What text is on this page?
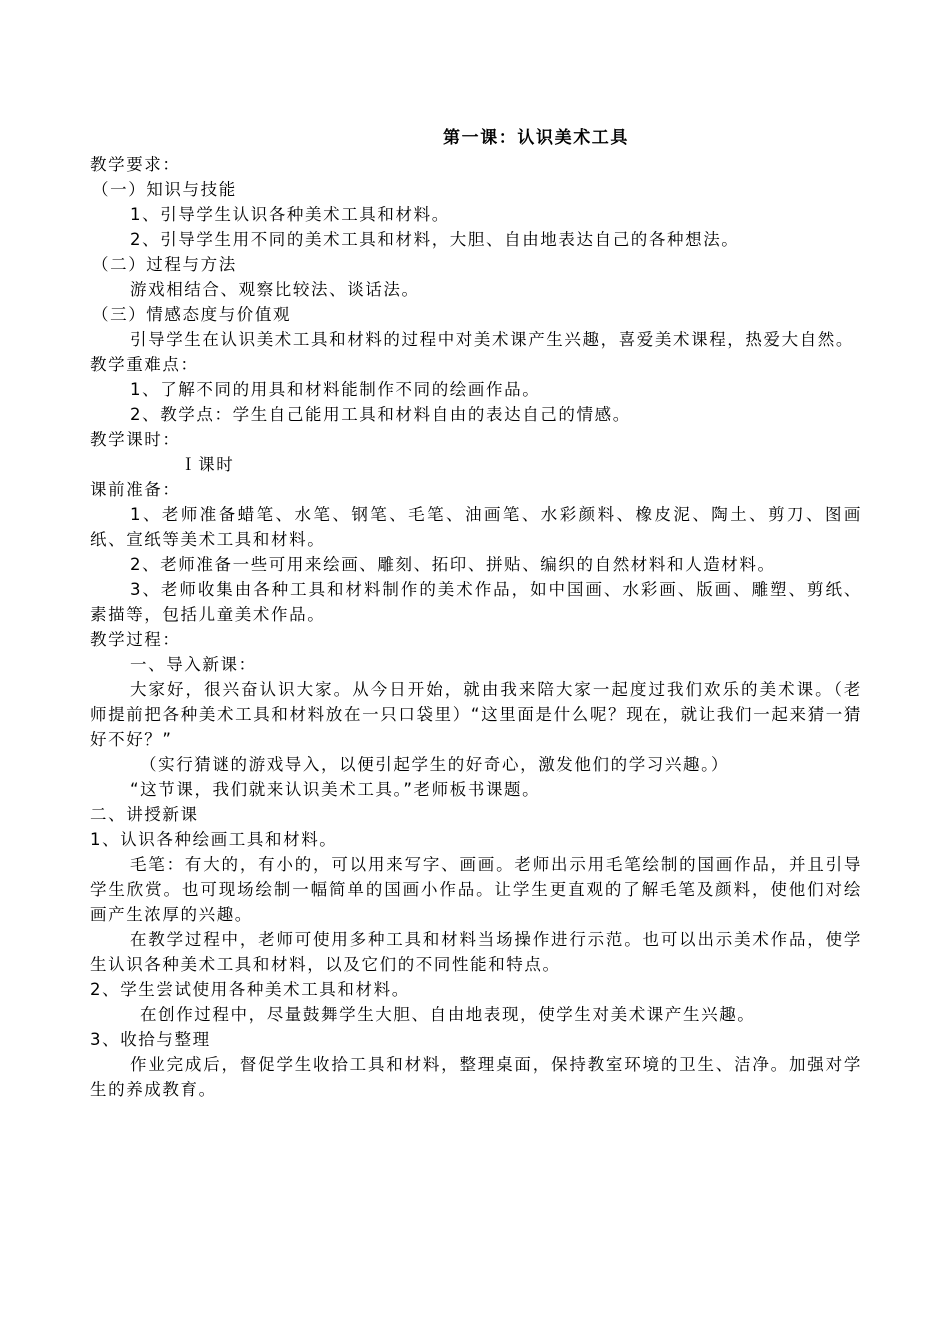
第一课：认识美术工具
教学要求：
（一）知识与技能
1、引导学生认识各种美术工具和材料。
2、引导学生用不同的美术工具和材料，大胆、自由地表达自己的各种想法。
（二）过程与方法
游戏相结合、观察比较法、谈话法。
（三）情感态度与价值观
引导学生在认识美术工具和材料的过程中对美术课产生兴趣，喜爱美术课程，热爱大自然。
教学重难点：
1、了解不同的用具和材料能制作不同的绘画作品。
2、教学点：学生自己能用工具和材料自由的表达自己的情感。
教学课时：
Ｉ课时
课前准备：
1、老师准备蜡笔、水笔、钢笔、毛笔、油画笔、水彩颜料、橡皮泥、陶土、剪刀、图画纸、宣纸等美术工具和材料。
2、老师准备一些可用来绘画、雕刻、拓印、拼贴、编织的自然材料和人造材料。
3、老师收集由各种工具和材料制作的美术作品，如中国画、水彩画、版画、雕塑、剪纸、素描等，包括儿童美术作品。
教学过程：
一、导入新课：
大家好，很兴奋认识大家。从今日开始，就由我来陪大家一起度过我们欢乐的美术课。（老师提前把各种美术工具和材料放在一只口袋里）“这里面是什么呢？现在，就让我们一起来猜一猜好不好？”
（实行猜谜的游戏导入，以便引起学生的好奇心，激发他们的学习兴趣。）
“这节课，我们就来认识美术工具。”老师板书课题。
二、讲授新课
1、认识各种绘画工具和材料。
毛笔：有大的，有小的，可以用来写字、画画。老师出示用毛笔绘制的国画作品，并且引导学生欣赏。也可现场绘制一幅简单的国画小作品。让学生更直观的了解毛笔及颜料，使他们对绘画产生浓厚的兴趣。
在教学过程中，老师可使用多种工具和材料当场操作进行示范。也可以出示美术作品，使学生认识各种美术工具和材料，以及它们的不同性能和特点。
2、学生尝试使用各种美术工具和材料。
在创作过程中，尽量鼓舞学生大胆、自由地表现，使学生对美术课产生兴趣。
3、收拾与整理
作业完成后，督促学生收拾工具和材料，整理桌面，保持教室环境的卫生、洁净。加强对学生的养成教育。
